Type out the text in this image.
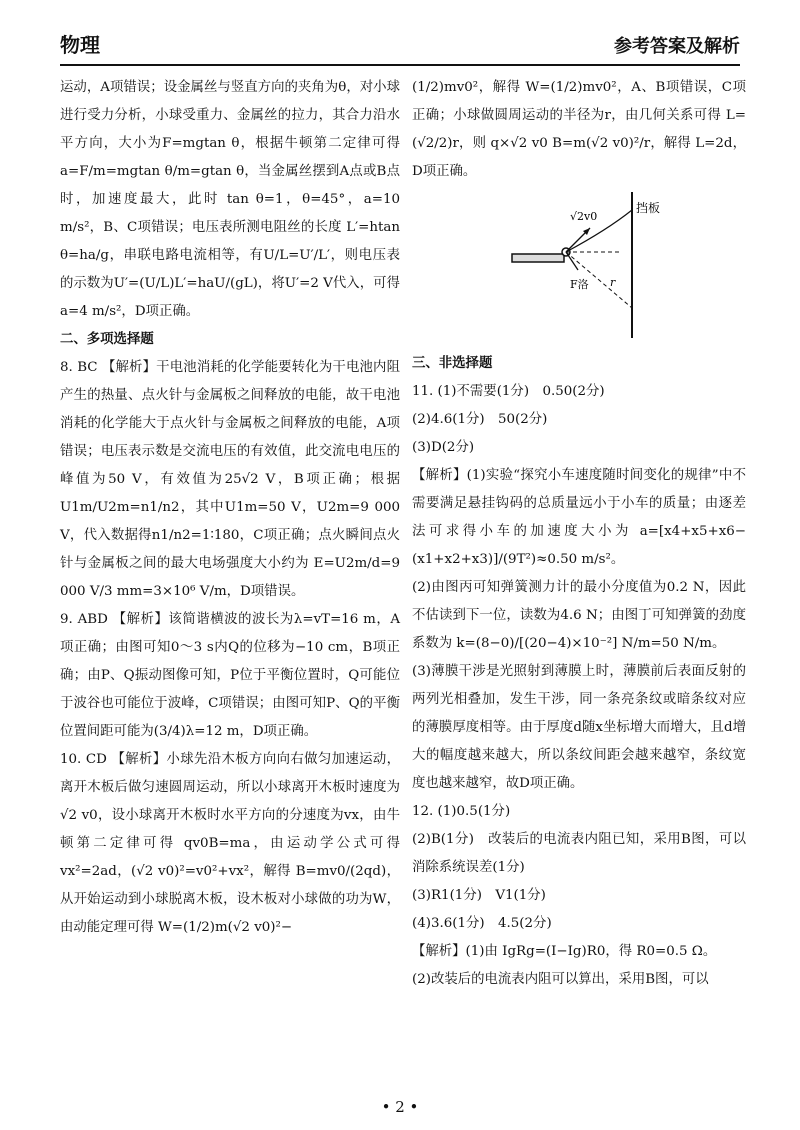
物理	参考答案及解析

运动，A项错误；设金属丝与竖直方向的夹角为θ，对小球进行受力分析，小球受重力、金属丝的拉力，其合力沿水平方向，大小为F=mgtan θ，根据牛顿第二定律可得 a=F/m=mgtan θ/m=gtan θ，当金属丝摆到A点或B点时，加速度最大，此时 tan θ=1，θ=45°，a=10 m/s²，B、C项错误；电压表所测电阻丝的长度 L′=htan θ=ha/g，串联电路电流相等，有U/L=U′/L′，则电压表的示数为U′=(U/L)L′=haU/(gL)，将U′=2 V代入，可得 a=4 m/s²，D项正确。

二、多项选择题

8. BC 【解析】干电池消耗的化学能要转化为干电池内阻产生的热量、点火针与金属板之间释放的电能，故干电池消耗的化学能大于点火针与金属板之间释放的电能，A项错误；电压表示数是交流电压的有效值，此交流电电压的峰值为50 V，有效值为25√2 V，B项正确；根据U1m/U2m=n1/n2，其中U1m=50 V，U2m=9 000 V，代入数据得n1/n2=1∶180，C项正确；点火瞬间点火针与金属板之间的最大电场强度大小约为 E=U2m/d=9 000 V/3 mm=3×10⁶ V/m，D项错误。

9. ABD 【解析】该简谐横波的波长为λ=vT=16 m，A项正确；由图可知0～3 s内Q的位移为−10 cm，B项正确；由P、Q振动图像可知，P位于平衡位置时，Q可能位于波谷也可能位于波峰，C项错误；由图可知P、Q的平衡位置间距可能为(3/4)λ=12 m，D项正确。

10. CD 【解析】小球先沿木板方向向右做匀加速运动，离开木板后做匀速圆周运动，所以小球离开木板时速度为√2 v0，设小球离开木板时水平方向的分速度为vx，由牛顿第二定律可得 qv0B=ma，由运动学公式可得 vx²=2ad，(√2 v0)²=v0²+vx²，解得 B=mv0/(2qd)，从开始运动到小球脱离木板，设木板对小球做的功为W，由动能定理可得 W=(1/2)m(√2 v0)²−

(1/2)mv0²，解得 W=(1/2)mv0²，A、B项错误，C项正确；小球做圆周运动的半径为r，由几何关系可得 L=(√2/2)r，则 q×√2 v0 B=m(√2 v0)²/r，解得 L=2d，D项正确。

√2v0
F洛 r
挡板

三、非选择题

11. (1)不需要(1分)　0.50(2分)

(2)4.6(1分)　50(2分)

(3)D(2分)

【解析】(1)实验“探究小车速度随时间变化的规律”中不需要满足悬挂钩码的总质量远小于小车的质量；由逐差法可求得小车的加速度大小为 a=[x4+x5+x6−(x1+x2+x3)]/(9T²)≈0.50 m/s²。

(2)由图丙可知弹簧测力计的最小分度值为0.2 N，因此不估读到下一位，读数为4.6 N；由图丁可知弹簧的劲度系数为 k=(8−0)/[(20−4)×10⁻²] N/m=50 N/m。

(3)薄膜干涉是光照射到薄膜上时，薄膜前后表面反射的两列光相叠加，发生干涉，同一条亮条纹或暗条纹对应的薄膜厚度相等。由于厚度d随x坐标增大而增大，且d增大的幅度越来越大，所以条纹间距会越来越窄，条纹宽度也越来越窄，故D项正确。

12. (1)0.5(1分)

(2)B(1分)　改装后的电流表内阻已知，采用B图，可以消除系统误差(1分)

(3)R1(1分)　V1(1分)

(4)3.6(1分)　4.5(2分)

【解析】(1)由 IgRg=(I−Ig)R0，得 R0=0.5 Ω。

(2)改装后的电流表内阻可以算出，采用B图，可以

• 2 •
